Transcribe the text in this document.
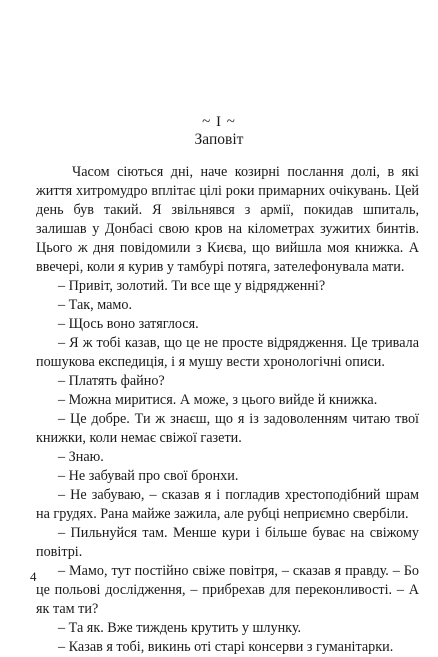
~ I ~
Заповіт

Часом сіються дні, наче козирні послання долі, в які життя хитромудро вплітає цілі роки примарних очікувань. Цей день був такий. Я звільнявся з армії, покидав шпиталь, залишав у Донбасі свою кров на кілометрах зужитих бинтів. Цього ж дня повідомили з Києва, що вийшла моя книжка. А ввечері, коли я курив у тамбурі потяга, зателефонувала мати.

– Привіт, золотий. Ти все ще у відрядженні?

– Так, мамо.

– Щось воно затяглося.

– Я ж тобі казав, що це не просте відрядження. Це тривала пошукова експедиція, і я мушу вести хронологічні описи.

– Платять файно?

– Можна миритися. А може, з цього вийде й книжка.

– Це добре. Ти ж знаєш, що я із задоволенням читаю твої книжки, коли немає свіжої газети.

– Знаю.

– Не забувай про свої бронхи.

– Не забуваю, – сказав я і погладив хрестоподібний шрам на грудях. Рана майже зажила, але рубці неприємно свербіли.

– Пильнуйся там. Менше кури і більше буває на свіжому повітрі.

– Мамо, тут постійно свіже повітря, – сказав я правду. – Бо це польові дослідження, – прибрехав для переконливості. – А як там ти?

– Та як. Вже тиждень крутить у шлунку.

– Казав я тобі, викинь оті старі консерви з гуманітарки.

4
